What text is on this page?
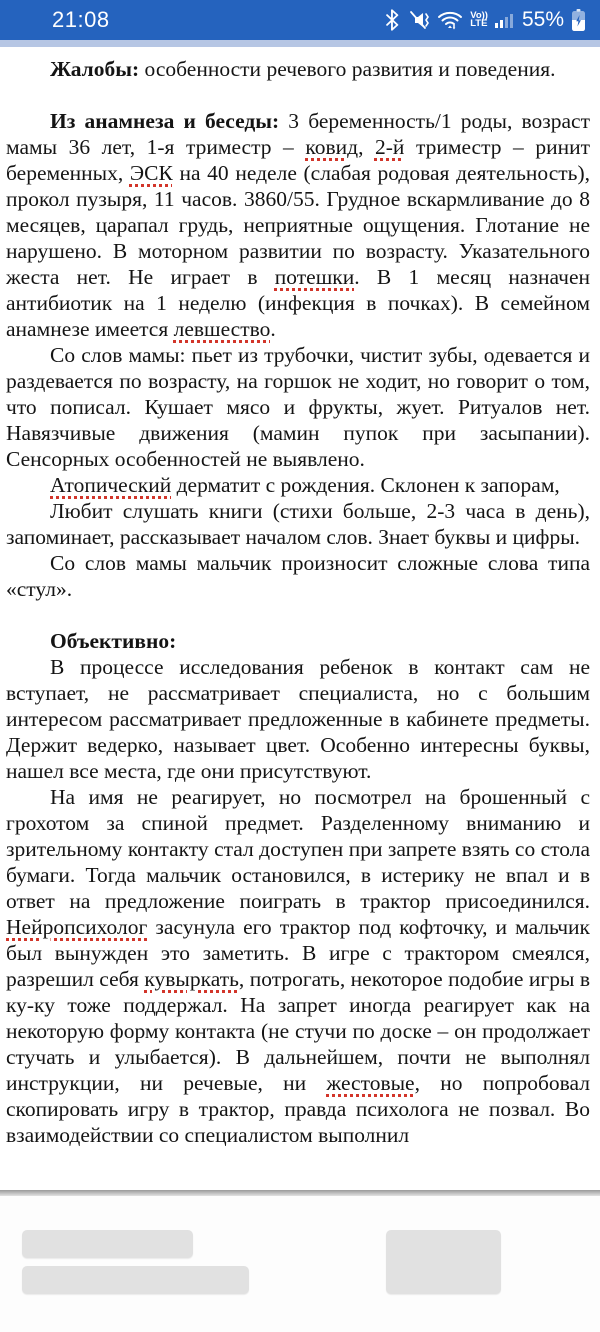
21:08	Vo))
LTE 55%

Жалобы: особенности речевого развития и поведения.

Из анамнеза и беседы: 3 беременность/1 роды, возраст мамы 36 лет, 1-я триместр – ковид, 2-й триместр – ринит беременных, ЭСК на 40 неделе (слабая родовая деятельность), прокол пузыря, 11 часов. 3860/55. Грудное вскармливание до 8 месяцев, царапал грудь, неприятные ощущения. Глотание не нарушено. В моторном развитии по возрасту. Указательного жеста нет. Не играет в потешки. В 1 месяц назначен антибиотик на 1 неделю (инфекция в почках). В семейном анамнезе имеется левшество.

Со слов мамы: пьет из трубочки, чистит зубы, одевается и раздевается по возрасту, на горшок не ходит, но говорит о том, что пописал. Кушает мясо и фрукты, жует. Ритуалов нет. Навязчивые движения (мамин пупок при засыпании). Сенсорных особенностей не выявлено.

Атопический дерматит с рождения. Склонен к запорам,

Любит слушать книги (стихи больше, 2-3 часа в день), запоминает, рассказывает началом слов. Знает буквы и цифры.

Со слов мамы мальчик произносит сложные слова типа «стул».

Объективно:

В процессе исследования ребенок в контакт сам не вступает, не рассматривает специалиста, но с большим интересом рассматривает предложенные в кабинете предметы. Держит ведерко, называет цвет. Особенно интересны буквы, нашел все места, где они присутствуют.

На имя не реагирует, но посмотрел на брошенный с грохотом за спиной предмет. Разделенному вниманию и зрительному контакту стал доступен при запрете взять со стола бумаги. Тогда мальчик остановился, в истерику не впал и в ответ на предложение поиграть в трактор присоединился. Нейропсихолог засунула его трактор под кофточку, и мальчик был вынужден это заметить. В игре с трактором смеялся, разрешил себя кувыркать, потрогать, некоторое подобие игры в ку-ку тоже поддержал. На запрет иногда реагирует как на некоторую форму контакта (не стучи по доске – он продолжает стучать и улыбается). В дальнейшем, почти не выполнял инструкции, ни речевые, ни жестовые, но попробовал скопировать игру в трактор, правда психолога не позвал. Во взаимодействии со специалистом выполнил
